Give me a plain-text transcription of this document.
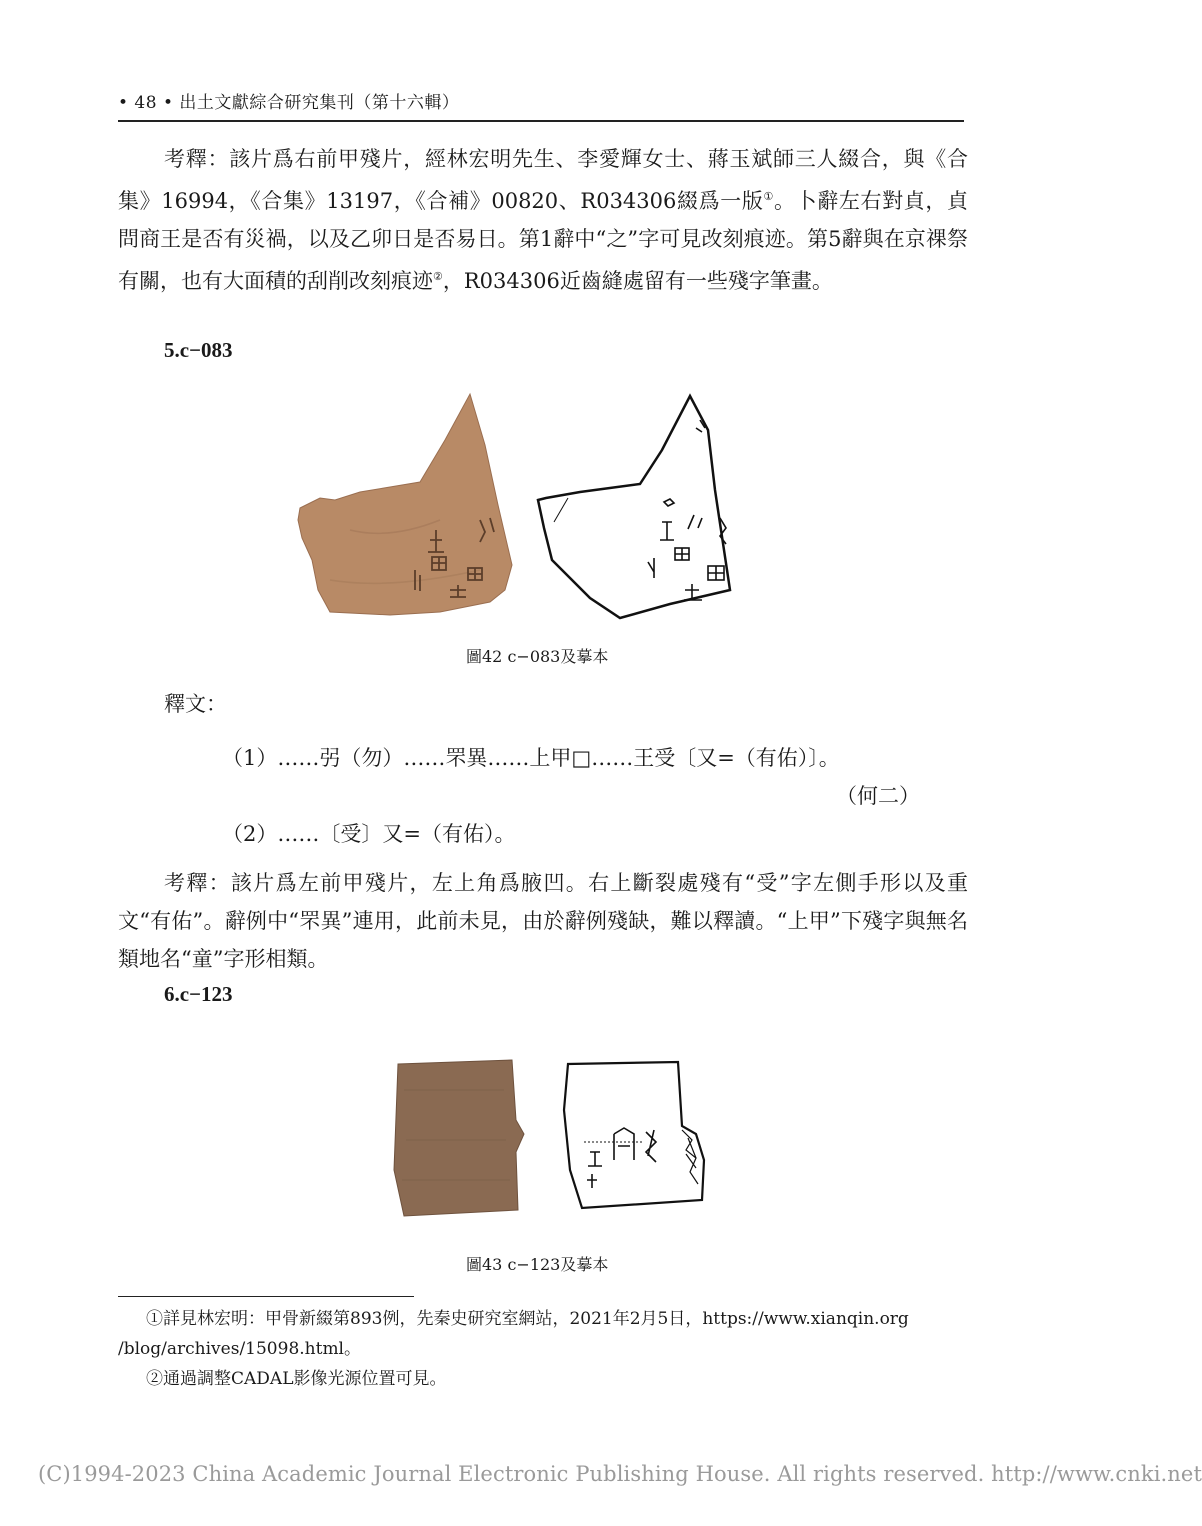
• 48 • 出土文獻綜合研究集刊（第十六輯）

考釋：該片爲右前甲殘片，經林宏明先生、李愛輝女士、蔣玉斌師三人綴合，與《合集》16994，《合集》13197，《合補》00820、R034306綴爲一版①。卜辭左右對貞，貞問商王是否有災禍，以及乙卯日是否易日。第1辭中“之”字可見改刻痕迹。第5辭與在京祼祭有關，也有大面積的刮削改刻痕迹②，R034306近齒縫處留有一些殘字筆畫。

5.c−083
圖42 c−083及摹本
釋文：
（1）……弜（勿）……罘異……上甲□……王受〔又=（有佑）〕。
（何二）
（2）……〔受〕又=（有佑）。

考釋：該片爲左前甲殘片，左上角爲腋凹。右上斷裂處殘有“受”字左側手形以及重文“有佑”。辭例中“罘異”連用，此前未見，由於辭例殘缺，難以釋讀。“上甲”下殘字與無名類地名“童”字形相類。

6.c−123
圖43 c−123及摹本
①詳見林宏明：甲骨新綴第893例，先秦史研究室網站，2021年2月5日，https://www.xianqin.org
/blog/archives/15098.html。
②通過調整CADAL影像光源位置可見。
(C)1994-2023 China Academic Journal Electronic Publishing House. All rights reserved. http://www.cnki.net
